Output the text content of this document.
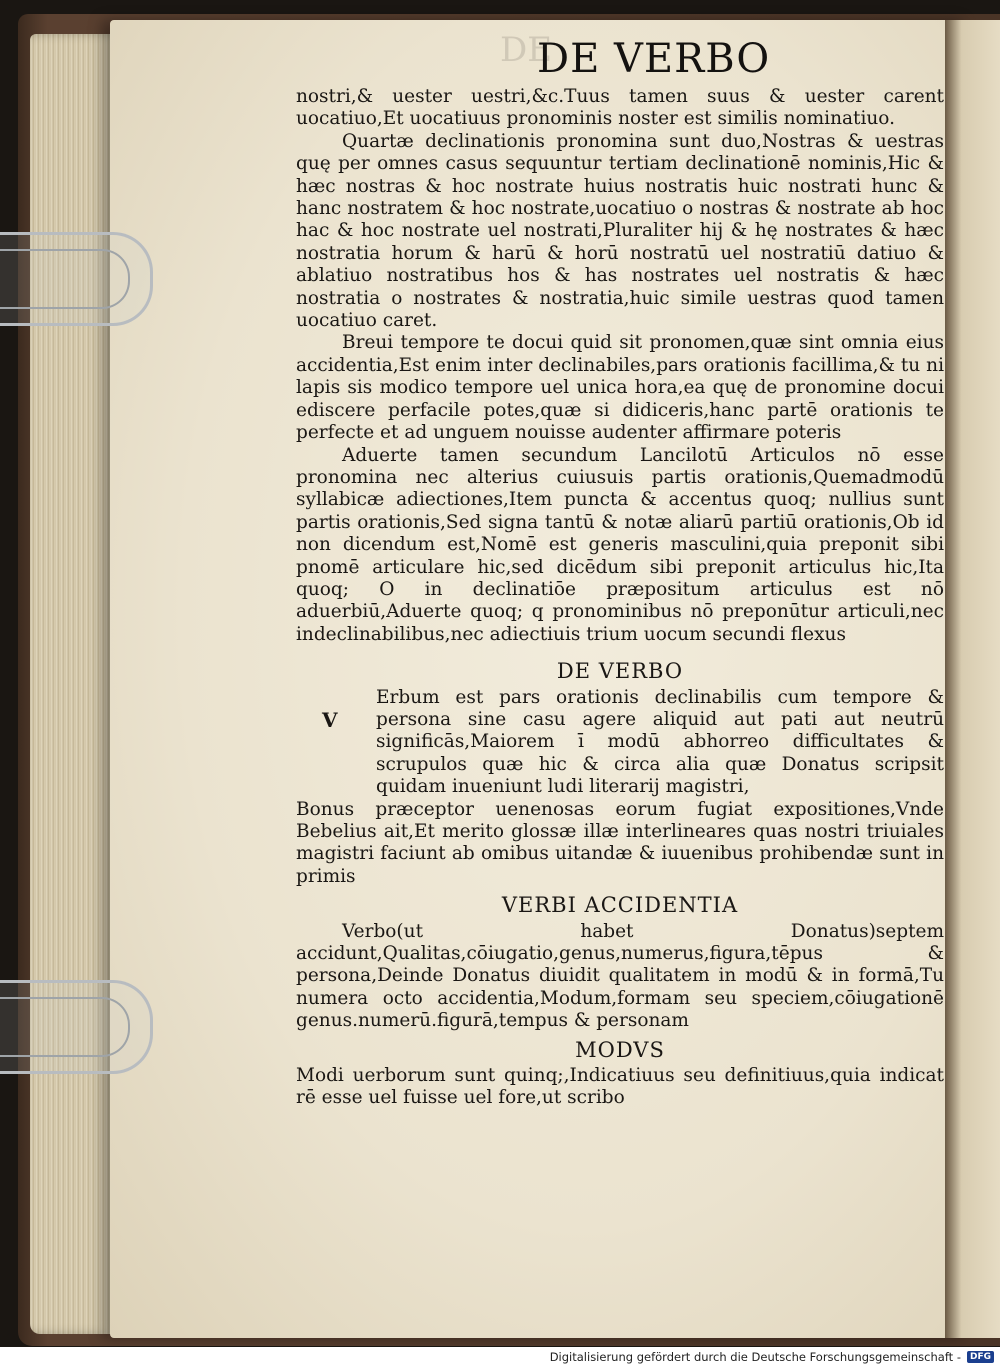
DE
DE VERBO

nostri,& uester uestri,&c.Tuus tamen suus & uester carent uocatiuo,Et uocatiuus pronominis noster est similis nominatiuo.

Quartæ declinationis pronomina sunt duo,Nostras & uestras quę per omnes casus sequuntur tertiam declinationē nominis,Hic & hæc nostras & hoc nostrate huius nostratis huic nostrati hunc & hanc nostratem & hoc nostrate,uocatiuo o nostras & nostrate ab hoc hac & hoc nostrate uel nostrati,Pluraliter hij & hę nostrates & hæc nostratia horum & harū & horū nostratū uel nostratiū datiuo & ablatiuo nostratibus hos & has nostrates uel nostratis & hæc nostratia o nostrates & nostratia,huic simile uestras quod tamen uocatiuo caret.

Breui tempore te docui quid sit pronomen,quæ sint omnia eius accidentia,Est enim inter declinabiles,pars orationis facillima,& tu ni lapis sis modico tempore uel unica hora,ea quę de pronomine docui ediscere perfacile potes,quæ si didiceris,hanc partē orationis te perfecte et ad unguem nouisse audenter affirmare poteris

Aduerte tamen secundum Lancilotū Articulos nō esse pronomina nec alterius cuiusuis partis orationis,Quemadmodū syllabicæ adiectiones,Item puncta & accentus quoq; nullius sunt partis orationis,Sed signa tantū & notæ aliarū partiū orationis,Ob id non dicendum est,Nomē est generis masculini,quia preponit sibi pnomē articulare hic,sed dicēdum sibi preponit articulus hic,Ita quoq; O in declinatiōe præpositum articulus est nō aduerbiū,Aduerte quoq; q pronominibus nō preponūtur articuli,nec indeclinabilibus,nec adiectiuis trium uocum secundi flexus

DE VERBO
V

Erbum est pars orationis declinabilis cum tempore & persona sine casu agere aliquid aut pati aut neutrū significās,Maiorem ī modū abhorreo difficultates & scrupulos quæ hic & circa alia quæ Donatus scripsit quidam inueniunt ludi literarij magistri,

Bonus præceptor uenenosas eorum fugiat expositiones,Vnde Bebelius ait,Et merito glossæ illæ interlineares quas nostri triuiales magistri faciunt ab omibus uitandæ & iuuenibus prohibendæ sunt in primis

VERBI ACCIDENTIA

Verbo(ut habet Donatus)septem accidunt,Qualitas,cōiugatio,genus,numerus,figura,tēpus & persona,Deinde Donatus diuidit qualitatem in modū & in formā,Tu numera octo accidentia,Modum,formam seu speciem,cōiugationē genus.numerū.figurā,tempus & personam

MODVS

Modi uerborum sunt quinq;,Indicatiuus seu definitiuus,quia indicat rē esse uel fuisse uel fore,ut scribo

Digitalisierung gefördert durch die Deutsche Forschungsgemeinschaft -	DFG
